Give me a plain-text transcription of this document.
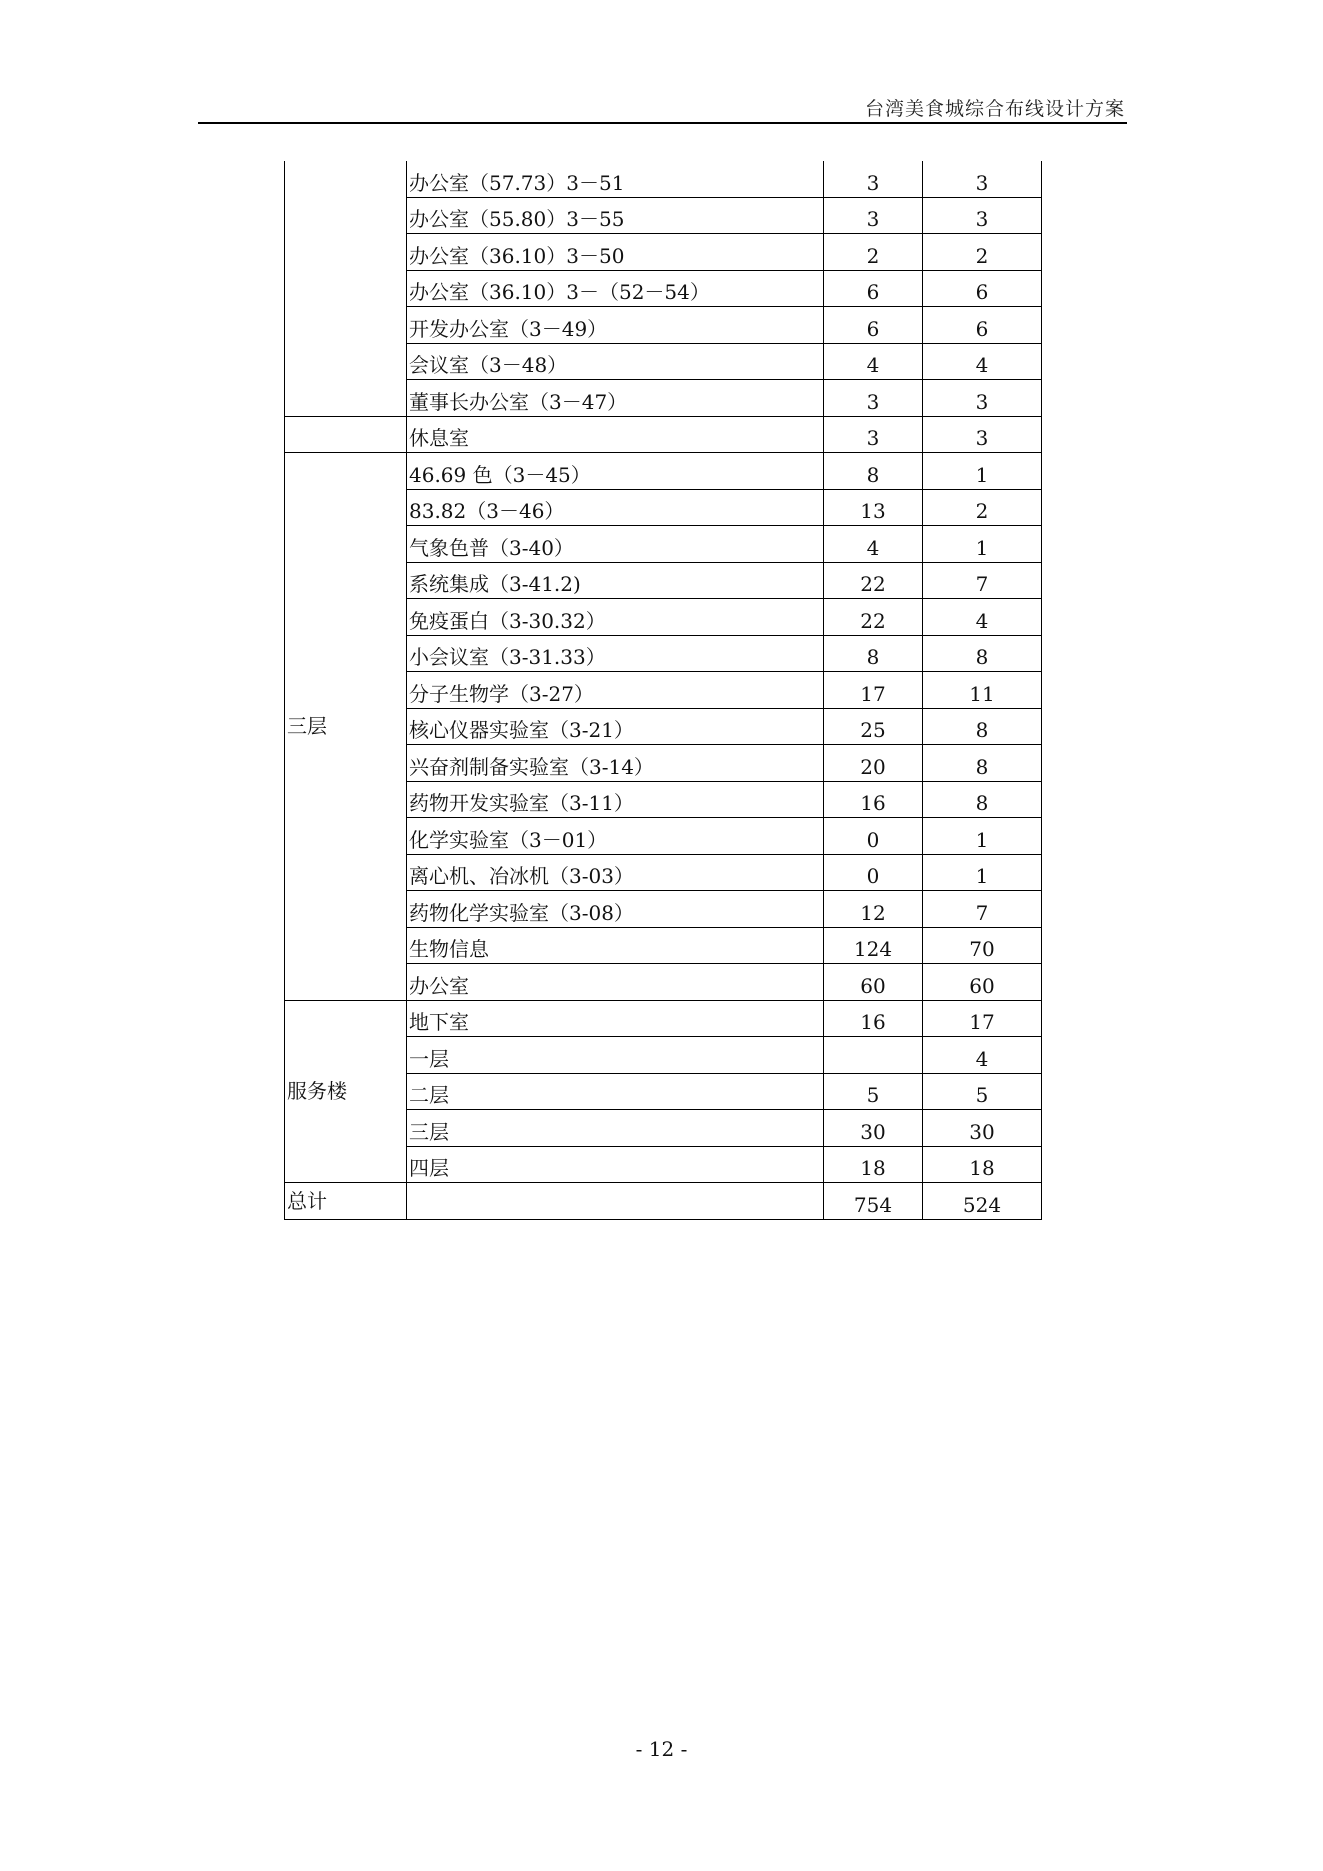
台湾美食城综合布线设计方案
	办公室（57.73）3－51	3	3
	办公室（55.80）3－55	3	3
	办公室（36.10）3－50	2	2
	办公室（36.10）3－（52－54）	6	6
	开发办公室（3－49）	6	6
	会议室（3－48）	4	4
	董事长办公室（3－47）	3	3
	休息室	3	3
三层	46.69 色（3－45）	8	1
	83.82（3－46）	13	2
	气象色普（3-40）	4	1
	系统集成（3-41.2)	22	7
	免疫蛋白（3-30.32）	22	4
	小会议室（3-31.33）	8	8
	分子生物学（3-27）	17	11
	核心仪器实验室（3-21）	25	8
	兴奋剂制备实验室（3-14）	20	8
	药物开发实验室（3-11）	16	8
	化学实验室（3－01）	0	1
	离心机、冶冰机（3-03）	0	1
	药物化学实验室（3-08）	12	7
	生物信息	124	70
	办公室	60	60
服务楼	地下室	16	17
	一层		4
	二层	5	5
	三层	30	30
	四层	18	18
总计		754	524
- 12 -
